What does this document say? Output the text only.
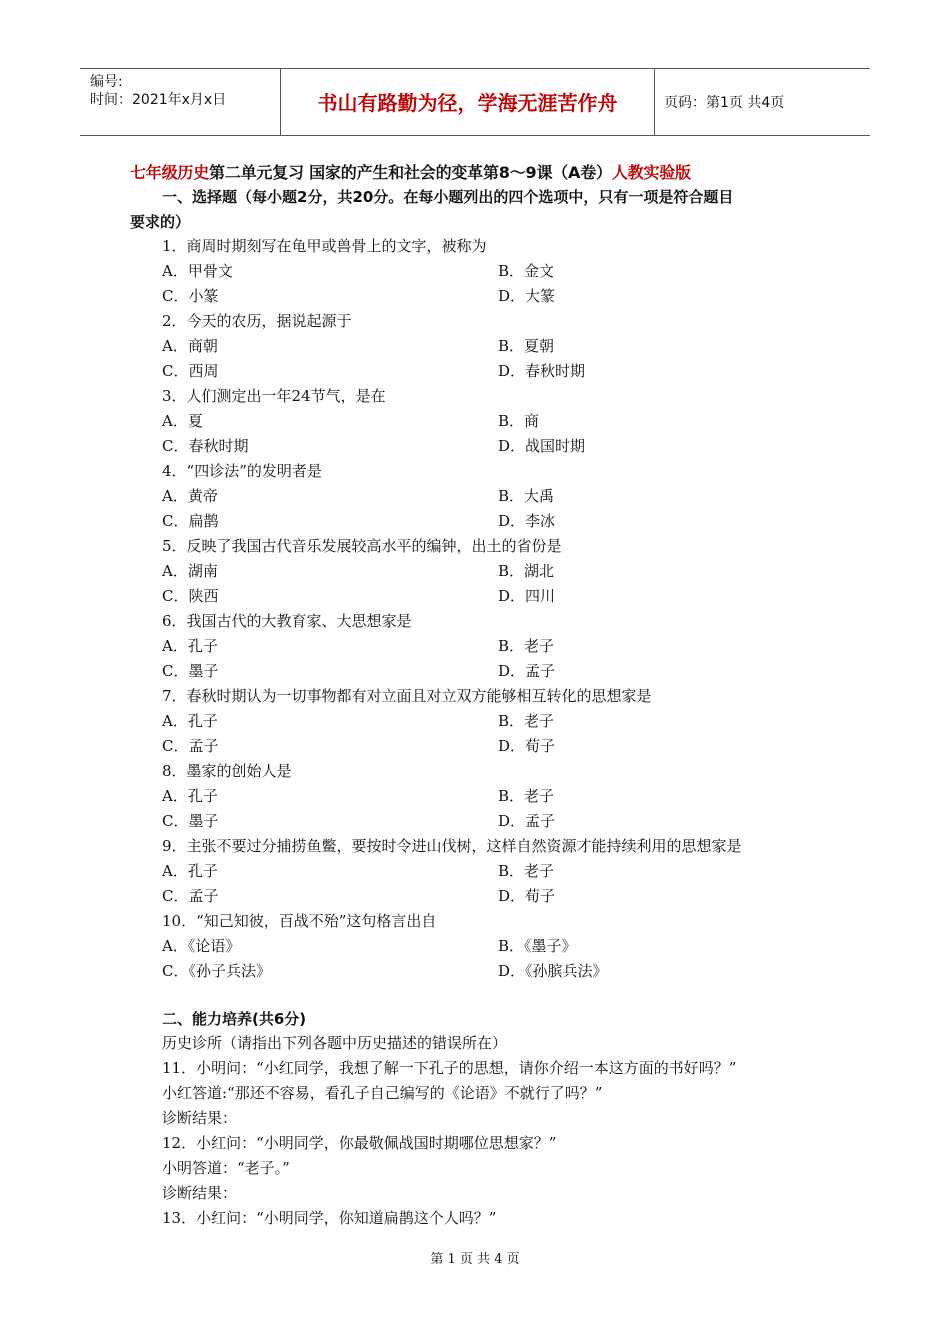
编号:
时间：2021年x月x日	书山有路勤为径，学海无涯苦作舟	页码：第1页 共4页
七年级历史第二单元复习 国家的产生和社会的变革第8～9课（A卷）人教实验版
一、选择题（每小题2分，共20分。在每小题列出的四个选项中，只有一项是符合题目
要求的）
1．商周时期刻写在龟甲或兽骨上的文字，被称为
A．甲骨文	B．金文
C．小篆	D．大篆
2．今天的农历，据说起源于
A．商朝	B．夏朝
C．西周	D．春秋时期
3．人们测定出一年24节气，是在
A．夏	B．商
C．春秋时期	D．战国时期
4．“四诊法”的发明者是
A．黄帝	B．大禹
C．扁鹊	D．李冰
5．反映了我国古代音乐发展较高水平的编钟，出土的省份是
A．湖南	B．湖北
C．陕西	D．四川
6．我国古代的大教育家、大思想家是
A．孔子	B．老子
C．墨子	D．孟子
7．春秋时期认为一切事物都有对立面且对立双方能够相互转化的思想家是
A．孔子	B．老子
C．孟子	D．荀子
8．墨家的创始人是
A．孔子	B．老子
C．墨子	D．孟子
9．主张不要过分捕捞鱼鳖，要按时令进山伐树，这样自然资源才能持续利用的思想家是
A．孔子	B．老子
C．孟子	D．荀子
10．“知己知彼，百战不殆”这句格言出自
A．《论语》	B．《墨子》
C．《孙子兵法》	D．《孙膑兵法》
二、能力培养(共6分)
历史诊所（请指出下列各题中历史描述的错误所在）
11．小明问：“小红同学，我想了解一下孔子的思想，请你介绍一本这方面的书好吗？”
小红答道:“那还不容易，看孔子自己编写的《论语》不就行了吗？”
诊断结果：
12．小红问：“小明同学，你最敬佩战国时期哪位思想家？”
小明答道：“老子。”
诊断结果：
13．小红问：“小明同学，你知道扁鹊这个人吗？”
第 1 页 共 4 页
